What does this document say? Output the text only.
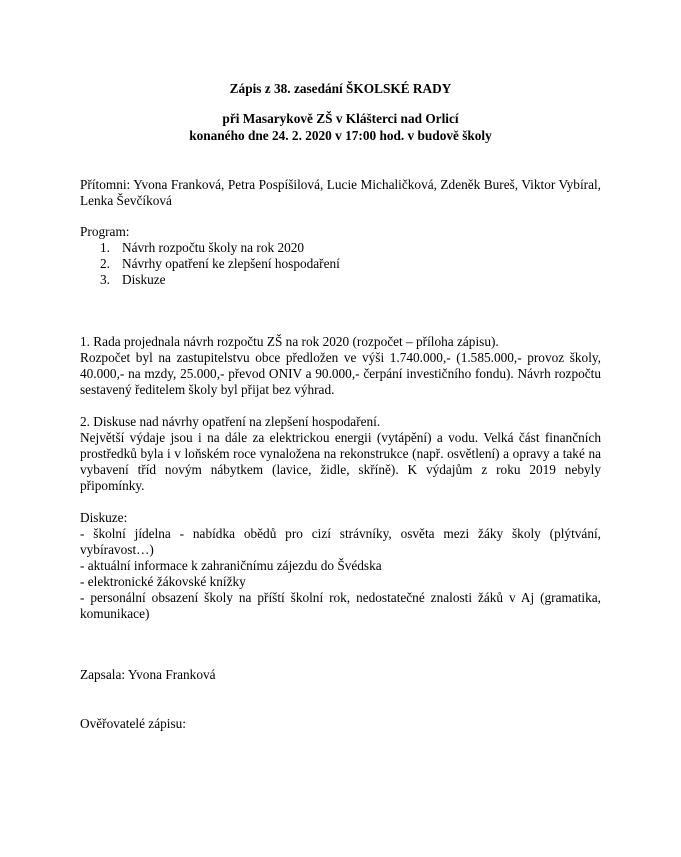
Zápis z 38. zasedání ŠKOLSKÉ RADY
při Masarykově ZŠ v Klášterci nad Orlicí
konaného dne 24. 2. 2020 v 17:00 hod. v budově školy
Přítomni: Yvona Franková, Petra Pospíšilová, Lucie Michaličková, Zdeněk Bureš, Viktor Vybíral, Lenka Ševčíková
Program:
1. Návrh rozpočtu školy na rok 2020
2. Návrhy opatření ke zlepšení hospodaření
3. Diskuze
1. Rada projednala návrh rozpočtu ZŠ na rok 2020 (rozpočet – příloha zápisu).
Rozpočet byl na zastupitelstvu obce předložen ve výši 1.740.000,- (1.585.000,- provoz školy, 40.000,- na mzdy, 25.000,- převod ONIV a 90.000,- čerpání investičního fondu). Návrh rozpočtu sestavený ředitelem školy byl přijat bez výhrad.
2. Diskuse nad návrhy opatření na zlepšení hospodaření.
Největší výdaje jsou i na dále za elektrickou energii (vytápění) a vodu. Velká část finančních prostředků byla i v loňském roce vynaložena na rekonstrukce (např. osvětlení) a opravy a také na vybavení tříd novým nábytkem (lavice, židle, skříně). K výdajům z roku 2019 nebyly připomínky.
Diskuze:
- školní jídelna - nabídka obědů pro cizí strávníky, osvěta mezi žáky školy (plýtvání, vybíravost…)
- aktuální informace k zahraničnímu zájezdu do Švédska
- elektronické žákovské knížky
- personální obsazení školy na příští školní rok, nedostatečné znalosti žáků v Aj (gramatika, komunikace)
Zapsala: Yvona Franková
Ověřovatelé zápisu:
